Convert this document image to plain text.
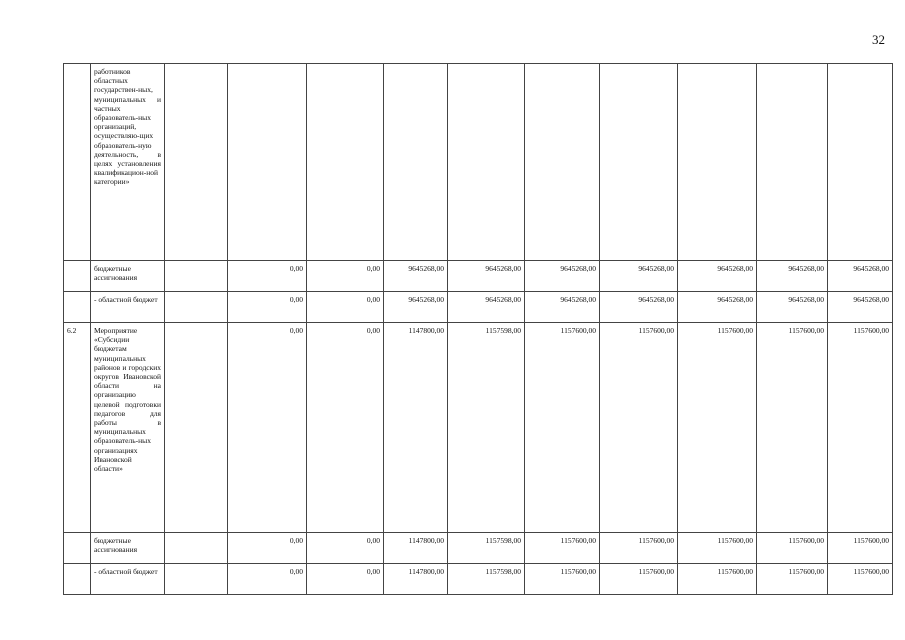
32
	работников областных государствен-ных, муниципальных и частных образователь-ных организаций, осуществляю-щих образователь-ную деятельность, в целях установления квалификацион-ной категории»										
	бюджетные ассигнования		0,00	0,00	9645268,00	9645268,00	9645268,00	9645268,00	9645268,00	9645268,00	9645268,00
	- областной бюджет		0,00	0,00	9645268,00	9645268,00	9645268,00	9645268,00	9645268,00	9645268,00	9645268,00
6.2	Мероприятие «Субсидии бюджетам муниципальных районов и городских округов Ивановской области на организацию целевой подготовки педагогов для работы в муниципальных образователь-ных организациях Ивановской области»		0,00	0,00	1147800,00	1157598,00	1157600,00	1157600,00	1157600,00	1157600,00	1157600,00
	бюджетные ассигнования		0,00	0,00	1147800,00	1157598,00	1157600,00	1157600,00	1157600,00	1157600,00	1157600,00
	- областной бюджет		0,00	0,00	1147800,00	1157598,00	1157600,00	1157600,00	1157600,00	1157600,00	1157600,00
